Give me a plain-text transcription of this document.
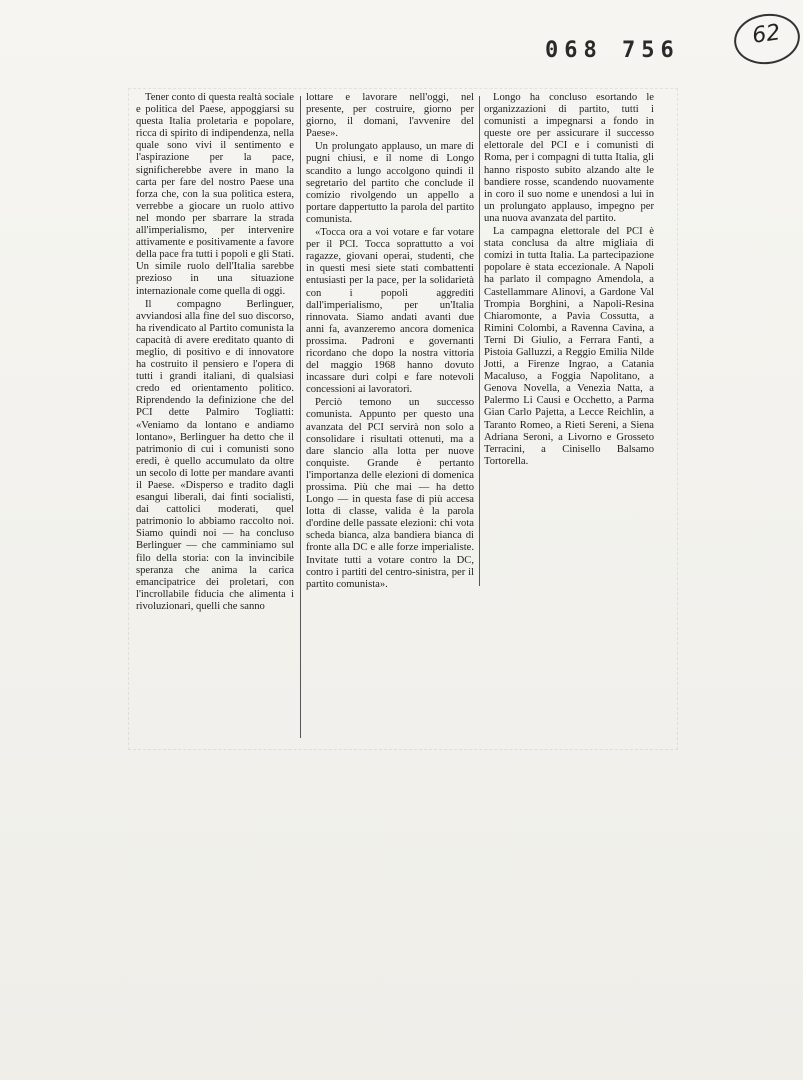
068 756
62

Tener conto di questa realtà sociale e politica del Paese, appoggiarsi su questa Italia proletaria e popolare, ricca di spirito di indipendenza, nella quale sono vivi il sentimento e l'aspirazione per la pace, significherebbe avere in mano la carta per fare del nostro Paese una forza che, con la sua politica estera, verrebbe a giocare un ruolo attivo nel mondo per sbarrare la strada all'imperialismo, per intervenire attivamente e positivamente a favore della pace fra tutti i popoli e gli Stati. Un simile ruolo dell'Italia sarebbe prezioso in una situazione internazionale come quella di oggi.

Il compagno Berlinguer, avviandosi alla fine del suo discorso, ha rivendicato al Partito comunista la capacità di avere ereditato quanto di meglio, di positivo e di innovatore ha costruito il pensiero e l'opera di tutti i grandi italiani, di qualsiasi credo ed orientamento politico. Riprendendo la definizione che del PCI dette Palmiro Togliatti: «Veniamo da lontano e andiamo lontano», Berlinguer ha detto che il patrimonio di cui i comunisti sono eredi, è quello accumulato da oltre un secolo di lotte per mandare avanti il Paese. «Disperso e tradito dagli esangui liberali, dai finti socialisti, dai cattolici moderati, quel patrimonio lo abbiamo raccolto noi. Siamo quindi noi — ha concluso Berlinguer — che camminiamo sul filo della storia: con la invincibile speranza che anima la carica emancipatrice dei proletari, con l'incrollabile fiducia che alimenta i rivoluzionari, quelli che sanno

lottare e lavorare nell'oggi, nel presente, per costruire, giorno per giorno, il domani, l'avvenire del Paese».

Un prolungato applauso, un mare di pugni chiusi, e il nome di Longo scandito a lungo accolgono quindi il segretario del partito che conclude il comizio rivolgendo un appello a portare dappertutto la parola del partito comunista.

«Tocca ora a voi votare e far votare per il PCI. Tocca soprattutto a voi ragazze, giovani operai, studenti, che in questi mesi siete stati combattenti entusiasti per la pace, per la solidarietà con i popoli aggrediti dall'imperialismo, per un'Italia rinnovata. Siamo andati avanti due anni fa, avanzeremo ancora domenica prossima. Padroni e governanti ricordano che dopo la nostra vittoria del maggio 1968 hanno dovuto incassare duri colpi e fare notevoli concessioni ai lavoratori.

Perciò temono un successo comunista. Appunto per questo una avanzata del PCI servirà non solo a consolidare i risultati ottenuti, ma a dare slancio alla lotta per nuove conquiste. Grande è pertanto l'importanza delle elezioni di domenica prossima. Più che mai — ha detto Longo — in questa fase di più accesa lotta di classe, valida è la parola d'ordine delle passate elezioni: chi vota scheda bianca, alza bandiera bianca di fronte alla DC e alle forze imperialiste. Invitate tutti a votare contro la DC, contro i partiti del centro-sinistra, per il partito comunista».

Longo ha concluso esortando le organizzazioni di partito, tutti i comunisti a impegnarsi a fondo in queste ore per assicurare il successo elettorale del PCI e i comunisti di Roma, per i compagni di tutta Italia, gli hanno risposto subito alzando alte le bandiere rosse, scandendo nuovamente in coro il suo nome e unendosi a lui in un prolungato applauso, impegno per una nuova avanzata del partito.

La campagna elettorale del PCI è stata conclusa da altre migliaia di comizi in tutta Italia. La partecipazione popolare è stata eccezionale. A Napoli ha parlato il compagno Amendola, a Castellammare Alinovi, a Gardone Val Trompia Borghini, a Napoli-Resina Chiaromonte, a Pavia Cossutta, a Rimini Colombi, a Ravenna Cavina, a Terni Di Giulio, a Ferrara Fanti, a Pistoia Galluzzi, a Reggio Emilia Nilde Jotti, a Firenze Ingrao, a Catania Macaluso, a Foggia Napolitano, a Genova Novella, a Venezia Natta, a Palermo Li Causi e Occhetto, a Parma Gian Carlo Pajetta, a Lecce Reichlin, a Taranto Romeo, a Rieti Sereni, a Siena Adriana Seroni, a Livorno e Grosseto Terracini, a Cinisello Balsamo Tortorella.
